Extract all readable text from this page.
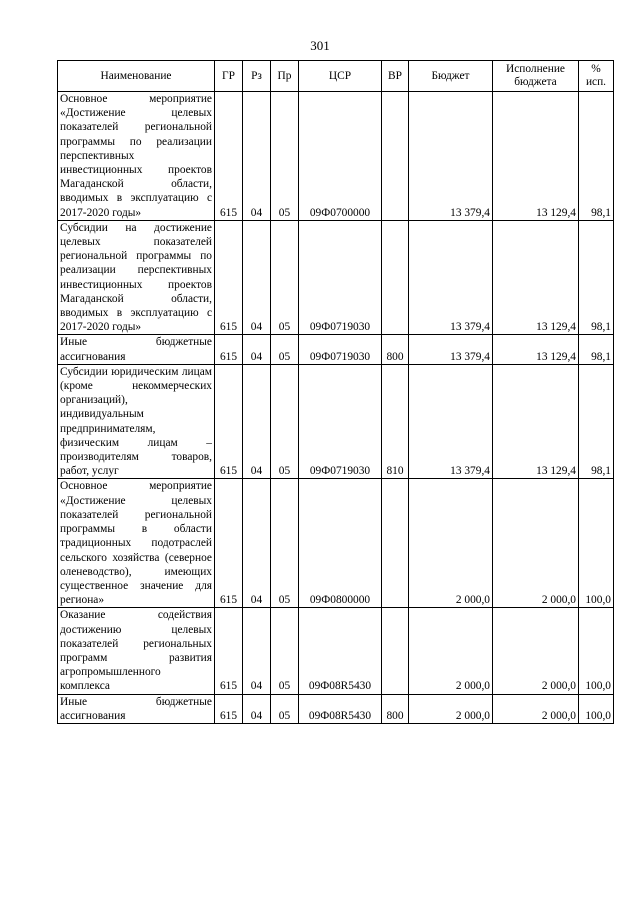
301
Наименование	ГР	Рз	Пр	ЦСР	ВР	Бюджет	Исполнение бюджета	% исп.
Основное мероприятие «Достижение целевых показателей региональной программы по реализации перспективных инвестиционных проектов Магаданской области, вводимых в эксплуатацию с 2017-2020 годы»	615	04	05	09Ф0700000		13 379,4	13 129,4	98,1
Субсидии на достижение целевых показателей региональной программы по реализации перспективных инвестиционных проектов Магаданской области, вводимых в эксплуатацию с 2017-2020 годы»	615	04	05	09Ф0719030		13 379,4	13 129,4	98,1
Иные бюджетные ассигнования	615	04	05	09Ф0719030	800	13 379,4	13 129,4	98,1
Субсидии юридическим лицам (кроме некоммерческих организаций), индивидуальным предпринимателям, физическим лицам – производителям товаров, работ, услуг	615	04	05	09Ф0719030	810	13 379,4	13 129,4	98,1
Основное мероприятие «Достижение целевых показателей региональной программы в области традиционных подотраслей сельского хозяйства (северное оленеводство), имеющих существенное значение для региона»	615	04	05	09Ф0800000		2 000,0	2 000,0	100,0
Оказание содействия достижению целевых показателей региональных программ развития агропромышленного комплекса	615	04	05	09Ф08R5430		2 000,0	2 000,0	100,0
Иные бюджетные ассигнования	615	04	05	09Ф08R5430	800	2 000,0	2 000,0	100,0
